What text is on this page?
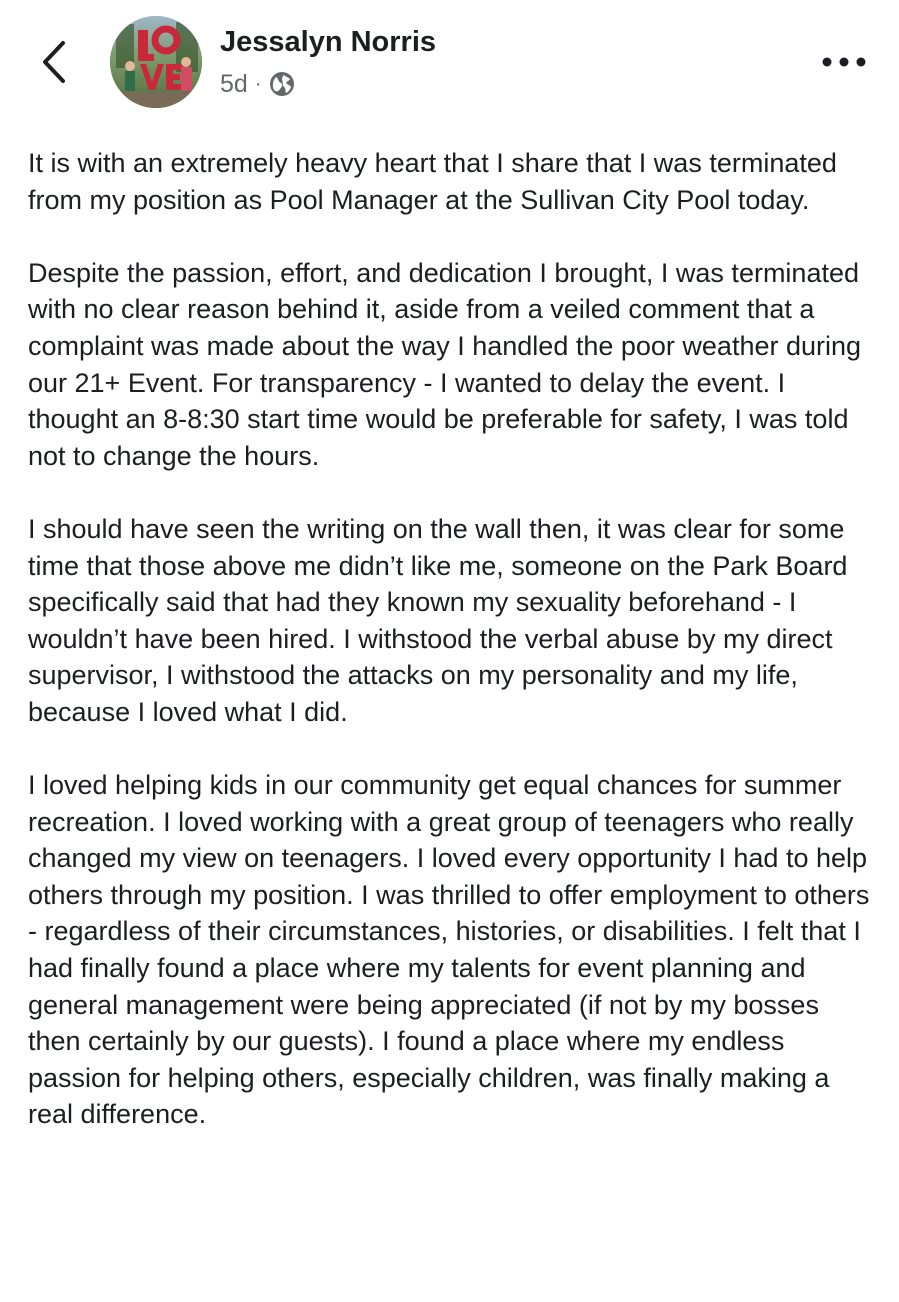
Jessalyn Norris
5d ·

It is with an extremely heavy heart that I share that I was terminated from my position as Pool Manager at the Sullivan City Pool today.

Despite the passion, effort, and dedication I brought, I was terminated with no clear reason behind it, aside from a veiled comment that a complaint was made about the way I handled the poor weather during our 21+ Event. For transparency - I wanted to delay the event. I thought an 8-8:30 start time would be preferable for safety, I was told not to change the hours.

I should have seen the writing on the wall then, it was clear for some time that those above me didn’t like me, someone on the Park Board specifically said that had they known my sexuality beforehand - I wouldn’t have been hired. I withstood the verbal abuse by my direct supervisor, I withstood the attacks on my personality and my life, because I loved what I did.

I loved helping kids in our community get equal chances for summer recreation. I loved working with a great group of teenagers who really changed my view on teenagers. I loved every opportunity I had to help others through my position. I was thrilled to offer employment to others - regardless of their circumstances, histories, or disabilities. I felt that I had finally found a place where my talents for event planning and general management were being appreciated (if not by my bosses then certainly by our guests). I found a place where my endless passion for helping others, especially children, was finally making a real difference.
